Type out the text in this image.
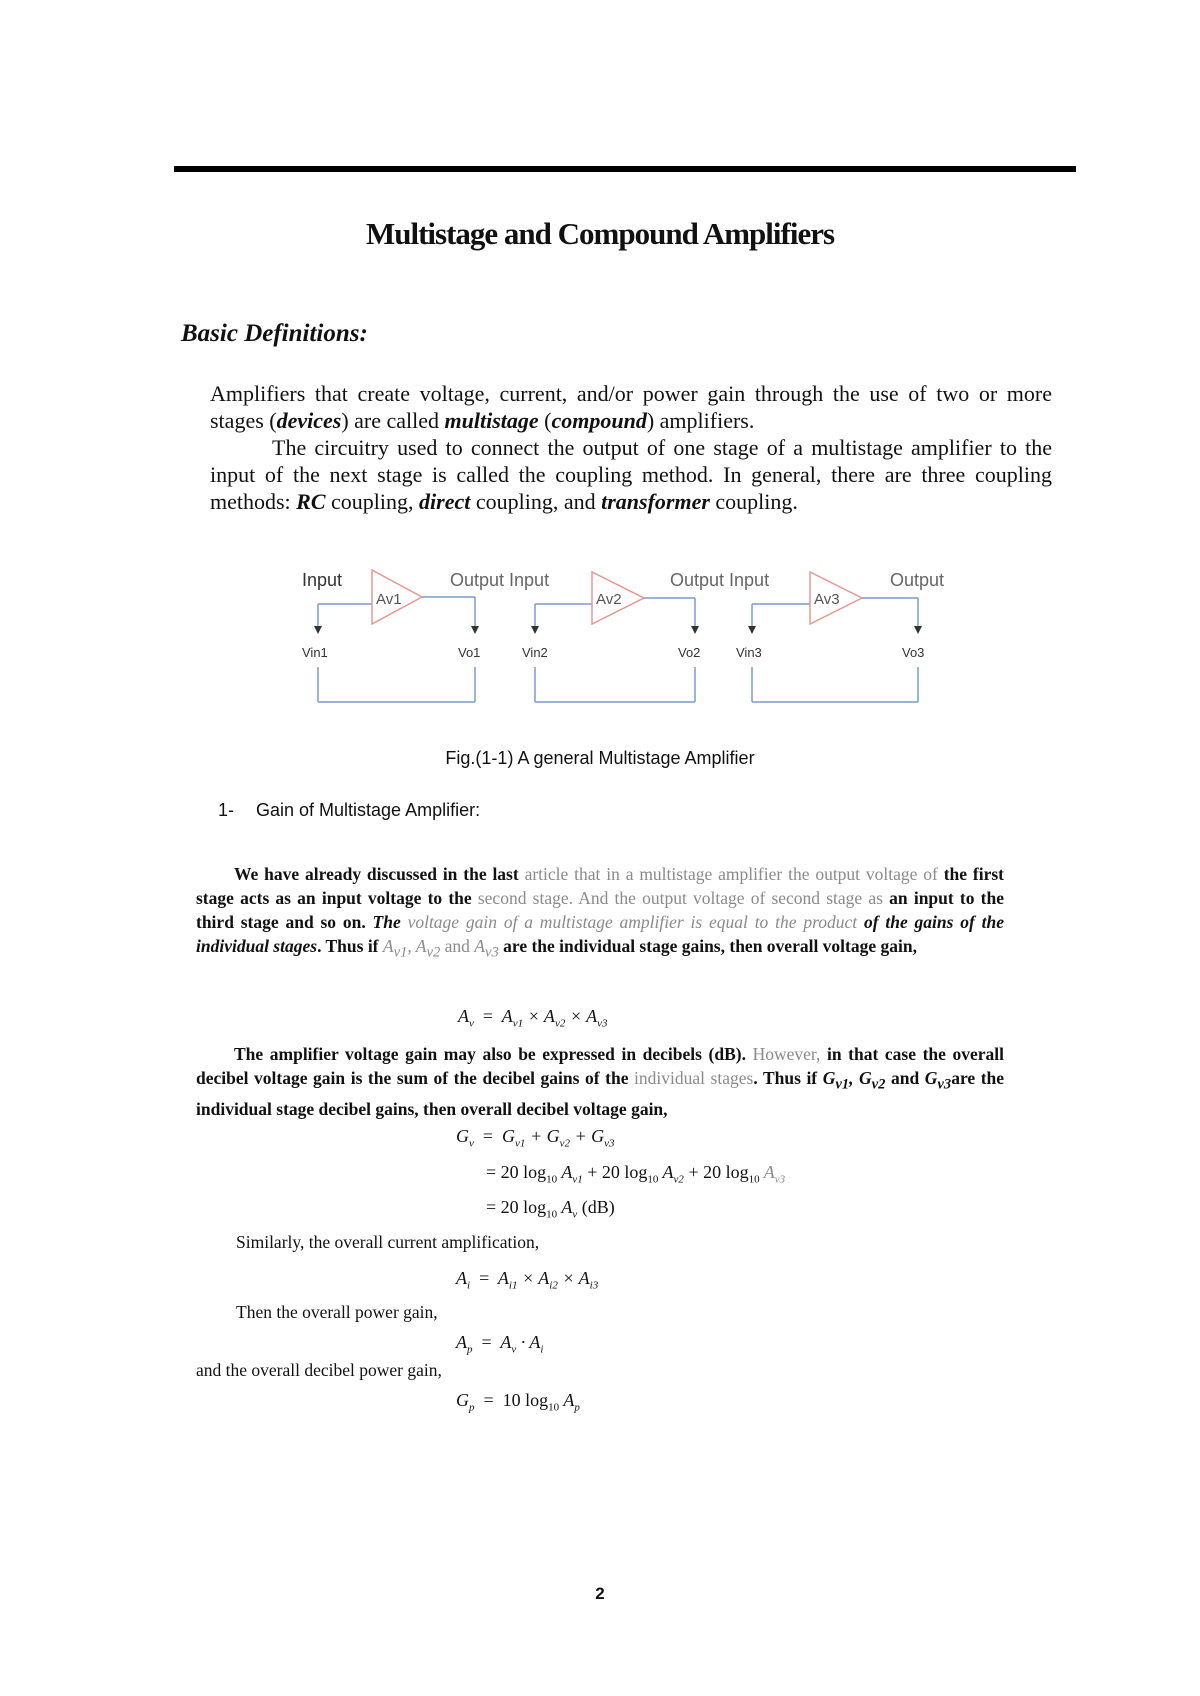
Multistage and Compound Amplifiers
Basic Definitions:
Amplifiers that create voltage, current, and/or power gain through the use of two or more stages (devices) are called multistage (compound) amplifiers.
The circuitry used to connect the output of one stage of a multistage amplifier to the input of the next stage is called the coupling method. In general, there are three coupling methods: RC coupling, direct coupling, and transformer coupling.
Input	Output Input	Output Input	Output
Av1	Av2	Av3
Vin1	Vo1	Vin2	Vo2	Vin3	Vo3
Fig.(1-1) A general Multistage Amplifier
1- Gain of Multistage Amplifier:
We have already discussed in the last article that in a multistage amplifier the output voltage of the first stage acts as an input voltage to the second stage. And the output voltage of second stage as an input to the third stage and so on. The voltage gain of a multistage amplifier is equal to the product of the gains of the individual stages. Thus if $A_{v1}$, $A_{v2}$ and $A_{v3}$ are the individual stage gains, then overall voltage gain,
$A_v = A_{v1} \times A_{v2} \times A_{v3}$
The amplifier voltage gain may also be expressed in decibels (dB). However, in that case the overall decibel voltage gain is the sum of the decibel gains of the individual stages. Thus if $G_{v1}$, $G_{v2}$ and $G_{v3}are$ the individual stage decibel gains, then overall decibel voltage gain,
$G_v = G_{v1} + G_{v2} + G_{v3}$
= 20 $\log_{10} A_{v1} + 20$ $\log_{10} A_{v2} + 20$ $\log_{10} A_{v3}$
= 20 $\log_{10} A_v$ (dB)
Similarly, the overall current amplification,
$A_i = A_{i1} \times A_{i2} \times A_{i3}$
Then the overall power gain,
$A_p = A_v \cdot A_i$
and the overall decibel power gain,
$G_p = 10$ $\log_{10} A_p$
2
